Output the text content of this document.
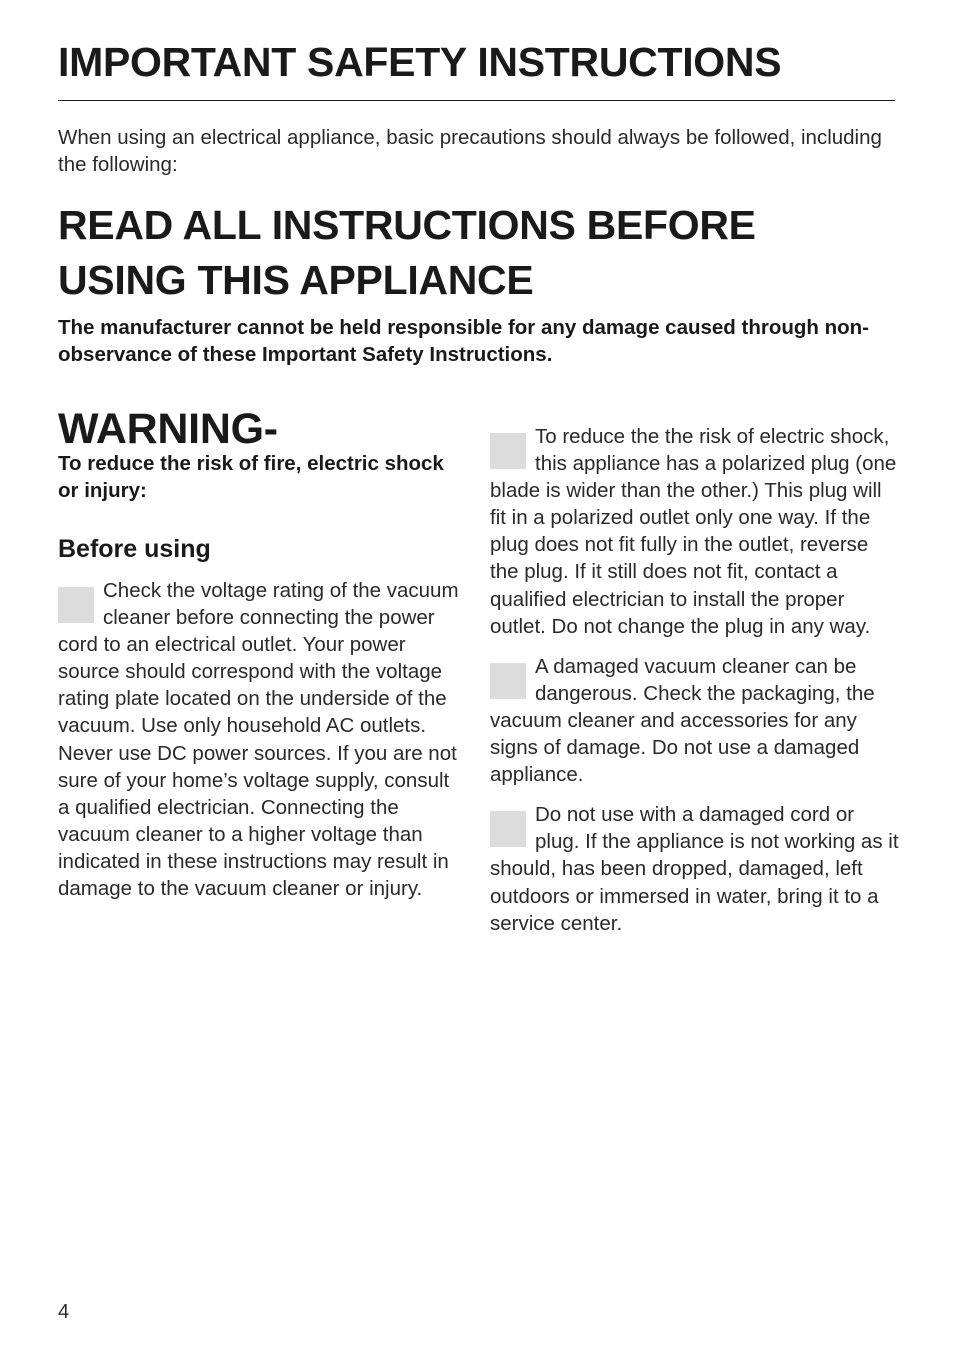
IMPORTANT SAFETY INSTRUCTIONS

When using an electrical appliance, basic precautions should always be followed, including the following:

READ ALL INSTRUCTIONS BEFORE
USING THIS APPLIANCE

The manufacturer cannot be held responsible for any damage caused through non-observance of these Important Safety Instructions.

WARNING-

To reduce the risk of fire, electric shock or injury:

Before using

Check the voltage rating of the vacuum cleaner before connecting the power cord to an electrical outlet. Your power source should correspond with the voltage rating plate located on the underside of the vacuum. Use only household AC outlets. Never use DC power sources. If you are not sure of your home’s voltage supply, consult a qualified electrician. Connecting the vacuum cleaner to a higher voltage than indicated in these instructions may result in damage to the vacuum cleaner or injury.

To reduce the the risk of electric shock, this appliance has a polarized plug (one blade is wider than the other.) This plug will fit in a polarized outlet only one way. If the plug does not fit fully in the outlet, reverse the plug. If it still does not fit, contact a qualified electrician to install the proper outlet. Do not change the plug in any way.

A damaged vacuum cleaner can be dangerous. Check the packaging, the vacuum cleaner and accessories for any signs of damage. Do not use a damaged appliance.

Do not use with a damaged cord or plug. If the appliance is not working as it should, has been dropped, damaged, left outdoors or immersed in water, bring it to a service center.

4
